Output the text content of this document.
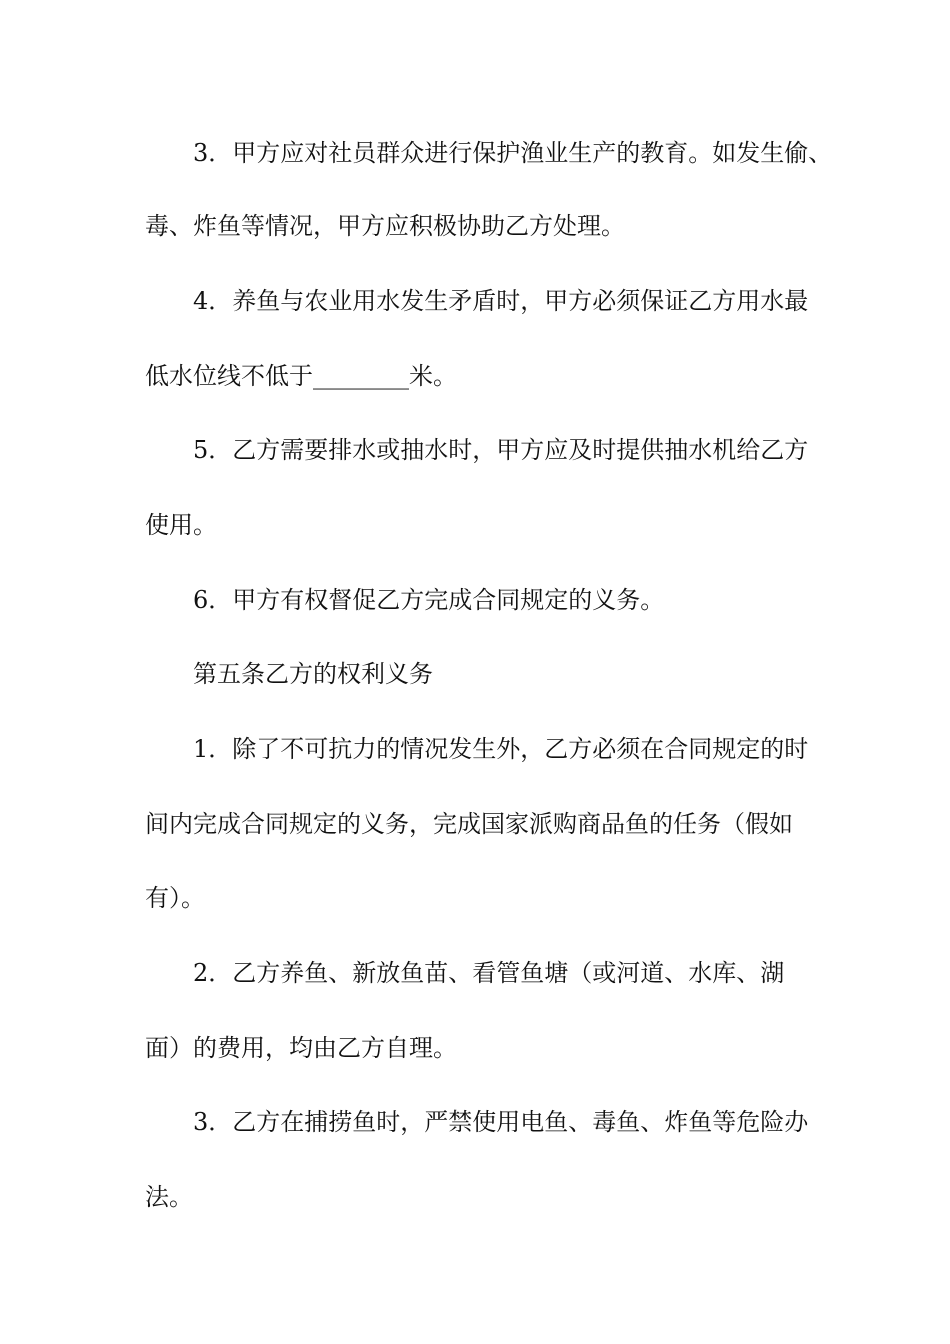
3．甲方应对社员群众进行保护渔业生产的教育。如发生偷、
毒、炸鱼等情况，甲方应积极协助乙方处理。
4．养鱼与农业用水发生矛盾时，甲方必须保证乙方用水最
低水位线不低于________米。
5．乙方需要排水或抽水时，甲方应及时提供抽水机给乙方
使用。
6．甲方有权督促乙方完成合同规定的义务。
第五条乙方的权利义务
1．除了不可抗力的情况发生外，乙方必须在合同规定的时
间内完成合同规定的义务，完成国家派购商品鱼的任务（假如
有）。
2．乙方养鱼、新放鱼苗、看管鱼塘（或河道、水库、湖
面）的费用，均由乙方自理。
3．乙方在捕捞鱼时，严禁使用电鱼、毒鱼、炸鱼等危险办
法。
